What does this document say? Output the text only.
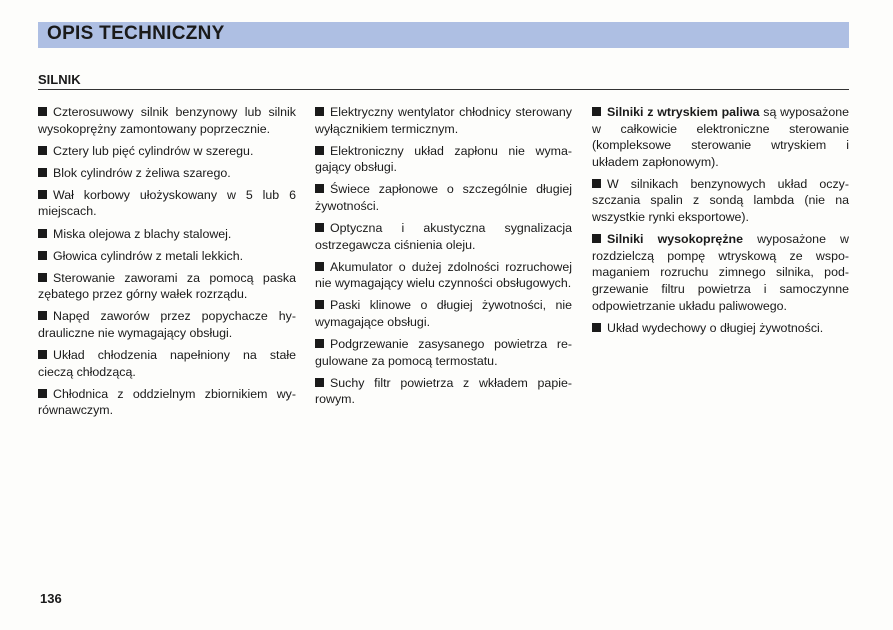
OPIS TECHNICZNY
SILNIK

Czterosuwowy silnik benzynowy lub silnik wysokoprężny zamontowany poprzecznie.

Cztery lub pięć cylindrów w szeregu.

Blok cylindrów z żeliwa szarego.

Wał korbowy ułożyskowany w 5 lub 6 miejscach.

Miska olejowa z blachy stalowej.

Głowica cylindrów z metali lekkich.

Sterowanie zaworami za pomocą paska zębatego przez górny wałek rozrządu.

Napęd zaworów przez popychacze hydrauliczne nie wymagający obsługi.

Układ chłodzenia napełniony na stałe cieczą chłodzącą.

Chłodnica z oddzielnym zbiornikiem wyrównawczym.

Elektryczny wentylator chłodnicy sterowany wyłącznikiem termicznym.

Elektroniczny układ zapłonu nie wymagający obsługi.

Świece zapłonowe o szczególnie długiej żywotności.

Optyczna i akustyczna sygnalizacja ostrzegawcza ciśnienia oleju.

Akumulator o dużej zdolności rozruchowej nie wymagający wielu czynności obsługowych.

Paski klinowe o długiej żywotności, nie wymagające obsługi.

Podgrzewanie zasysanego powietrza regulowane za pomocą termostatu.

Suchy filtr powietrza z wkładem papierowym.

Silniki z wtryskiem paliwa są wyposażone w całkowicie elektroniczne sterowanie (kompleksowe sterowanie wtryskiem i układem zapłonowym).

W silnikach benzynowych układ oczyszczania spalin z sondą lambda (nie na wszystkie rynki eksportowe).

Silniki wysokoprężne wyposażone w rozdzielczą pompę wtryskową ze wspomaganiem rozruchu zimnego silnika, podgrzewanie filtru powietrza i samoczynne odpowietrzanie układu paliwowego.

Układ wydechowy o długiej żywotności.

136
